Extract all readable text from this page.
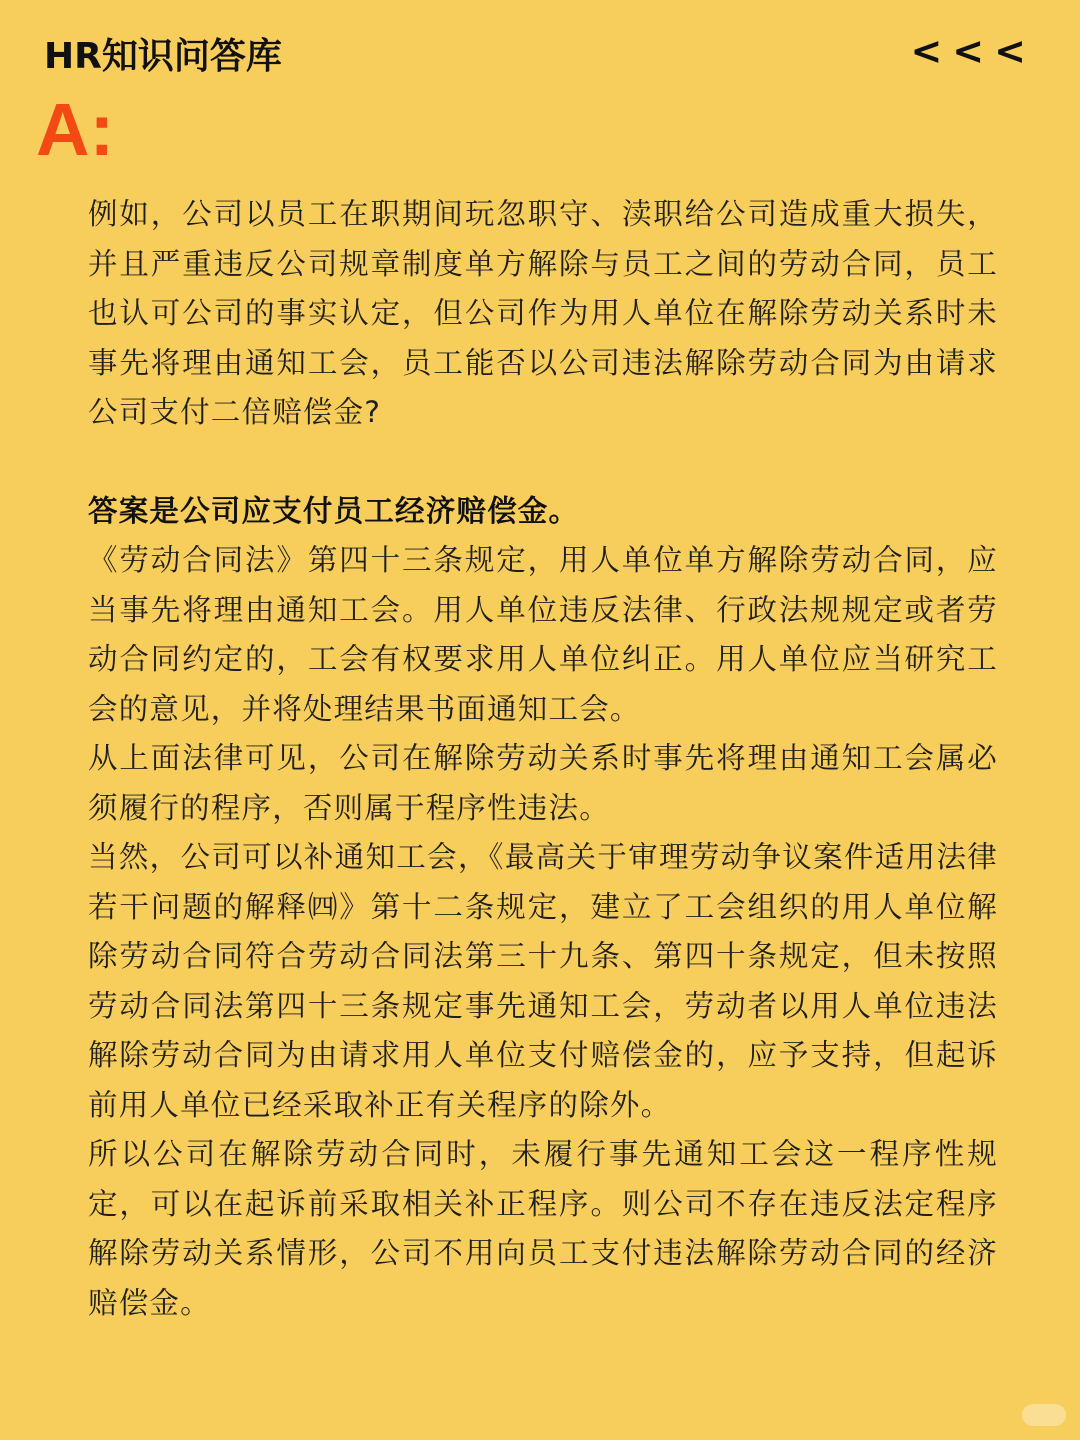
HR知识问答库	<<<
A:

例如，公司以员工在职期间玩忽职守、渎职给公司造成重大损失，并且严重违反公司规章制度单方解除与员工之间的劳动合同，员工也认可公司的事实认定，但公司作为用人单位在解除劳动关系时未事先将理由通知工会，员工能否以公司违法解除劳动合同为由请求公司支付二倍赔偿金?

答案是公司应支付员工经济赔偿金。

《劳动合同法》第四十三条规定，用人单位单方解除劳动合同，应当事先将理由通知工会。用人单位违反法律、行政法规规定或者劳动合同约定的，工会有权要求用人单位纠正。用人单位应当研究工会的意见，并将处理结果书面通知工会。

从上面法律可见，公司在解除劳动关系时事先将理由通知工会属必须履行的程序，否则属于程序性违法。

当然，公司可以补通知工会，《最高关于审理劳动争议案件适用法律若干问题的解释㈣》第十二条规定，建立了工会组织的用人单位解除劳动合同符合劳动合同法第三十九条、第四十条规定，但未按照劳动合同法第四十三条规定事先通知工会，劳动者以用人单位违法解除劳动合同为由请求用人单位支付赔偿金的，应予支持，但起诉前用人单位已经采取补正有关程序的除外。

所以公司在解除劳动合同时，未履行事先通知工会这一程序性规定，可以在起诉前采取相关补正程序。则公司不存在违反法定程序解除劳动关系情形，公司不用向员工支付违法解除劳动合同的经济赔偿金。
